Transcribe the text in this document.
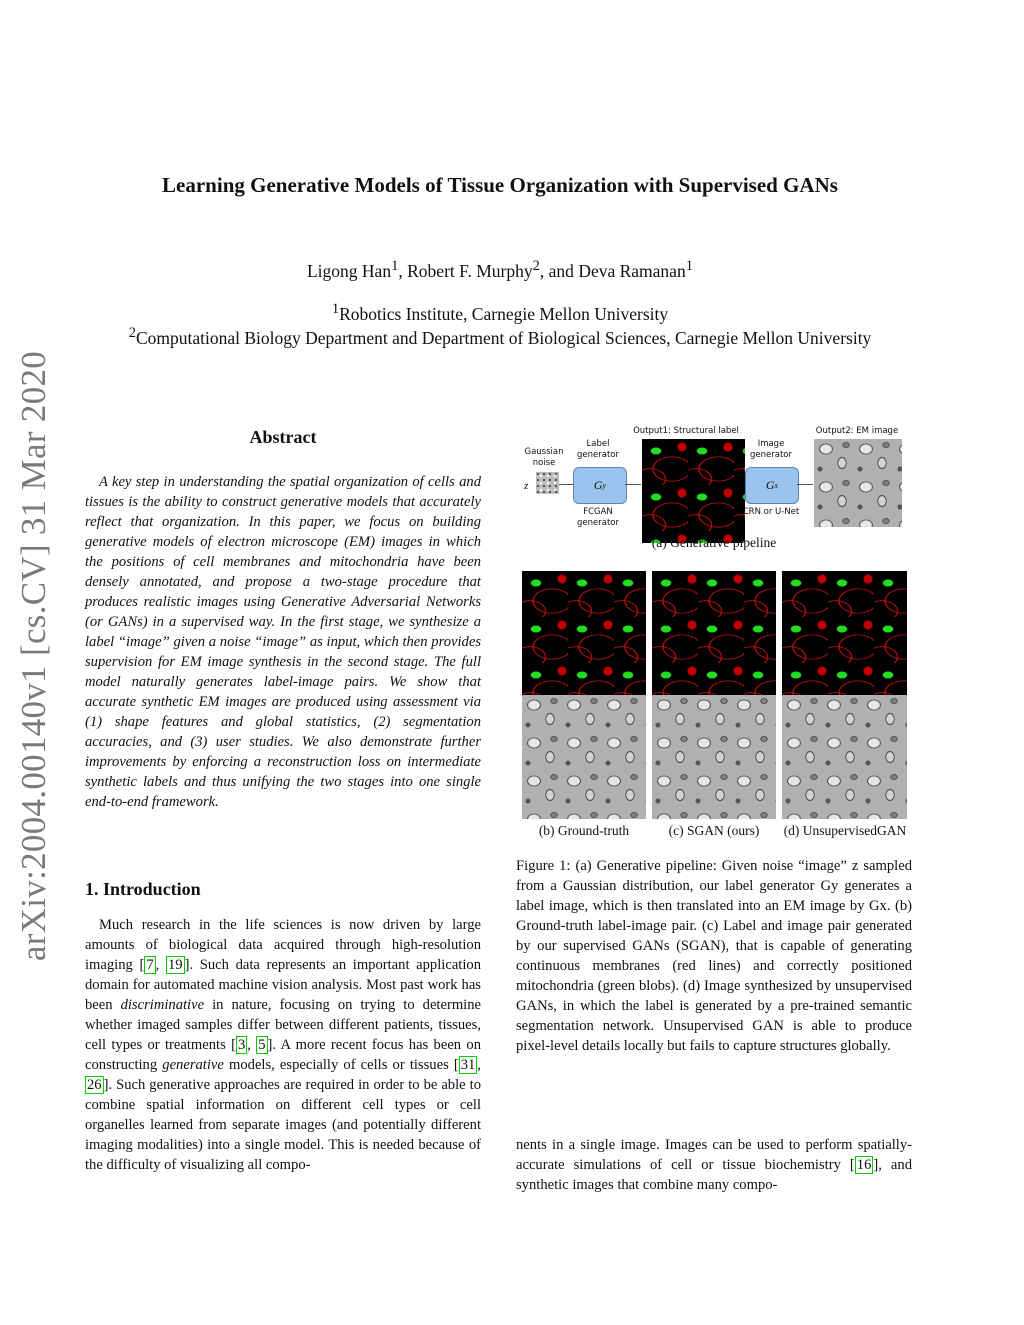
arXiv:2004.00140v1 [cs.CV] 31 Mar 2020
Learning Generative Models of Tissue Organization with Supervised GANs
Ligong Han$^1$, Robert F. Murphy$^2$, and Deva Ramanan$^1$
$^1$Robotics Institute, Carnegie Mellon University
$^2$Computational Biology Department and Department of Biological Sciences, Carnegie Mellon University
Abstract
A key step in understanding the spatial organization of cells and tissues is the ability to construct generative models that accurately reflect that organization. In this paper, we focus on building generative models of electron microscope (EM) images in which the positions of cell membranes and mitochondria have been densely annotated, and propose a two-stage procedure that produces realistic images using Generative Adversarial Networks (or GANs) in a supervised way. In the first stage, we synthesize a label “image” given a noise “image” as input, which then provides supervision for EM image synthesis in the second stage. The full model naturally generates label-image pairs. We show that accurate synthetic EM images are produced using assessment via (1) shape features and global statistics, (2) segmentation accuracies, and (3) user studies. We also demonstrate further improvements by enforcing a reconstruction loss on intermediate synthetic labels and thus unifying the two stages into one single end-to-end framework.
1. Introduction
Much research in the life sciences is now driven by large amounts of biological data acquired through high-resolution imaging [ 7 , 19 ]. Such data represents an important application domain for automated machine vision analysis. Most past work has been discriminative in nature, focusing on trying to determine whether imaged samples differ between different patients, tissues, cell types or treatments [ 3 , 5 ]. A more recent focus has been on constructing generative models, especially of cells or tissues [ 31 , 26 ]. Such generative approaches are required in order to be able to combine spatial information on different cell types or cell organelles learned from separate images (and potentially different imaging modalities) into a single model. This is needed because of the difficulty of visualizing all compo-
Gaussian noise
z
Label generator
G y
FCGAN generator
Output1: Structural label
Image generator
G x
CRN or U-Net
Output2: EM image
(a) Generative pipeline
(b) Ground-truth	(c) SGAN (ours)	(d) UnsupervisedGAN
Figure 1: (a) Generative pipeline: Given noise “image” z sampled from a Gaussian distribution, our label generator Gy generates a label image, which is then translated into an EM image by Gx. (b) Ground-truth label-image pair. (c) Label and image pair generated by our supervised GANs (SGAN), that is capable of generating continuous membranes (red lines) and correctly positioned mitochondria (green blobs). (d) Image synthesized by unsupervised GANs, in which the label is generated by a pre-trained semantic segmentation network. Unsupervised GAN is able to produce pixel-level details locally but fails to capture structures globally.
nents in a single image. Images can be used to perform spatially-accurate simulations of cell or tissue biochemistry [ 16 ], and synthetic images that combine many compo-
